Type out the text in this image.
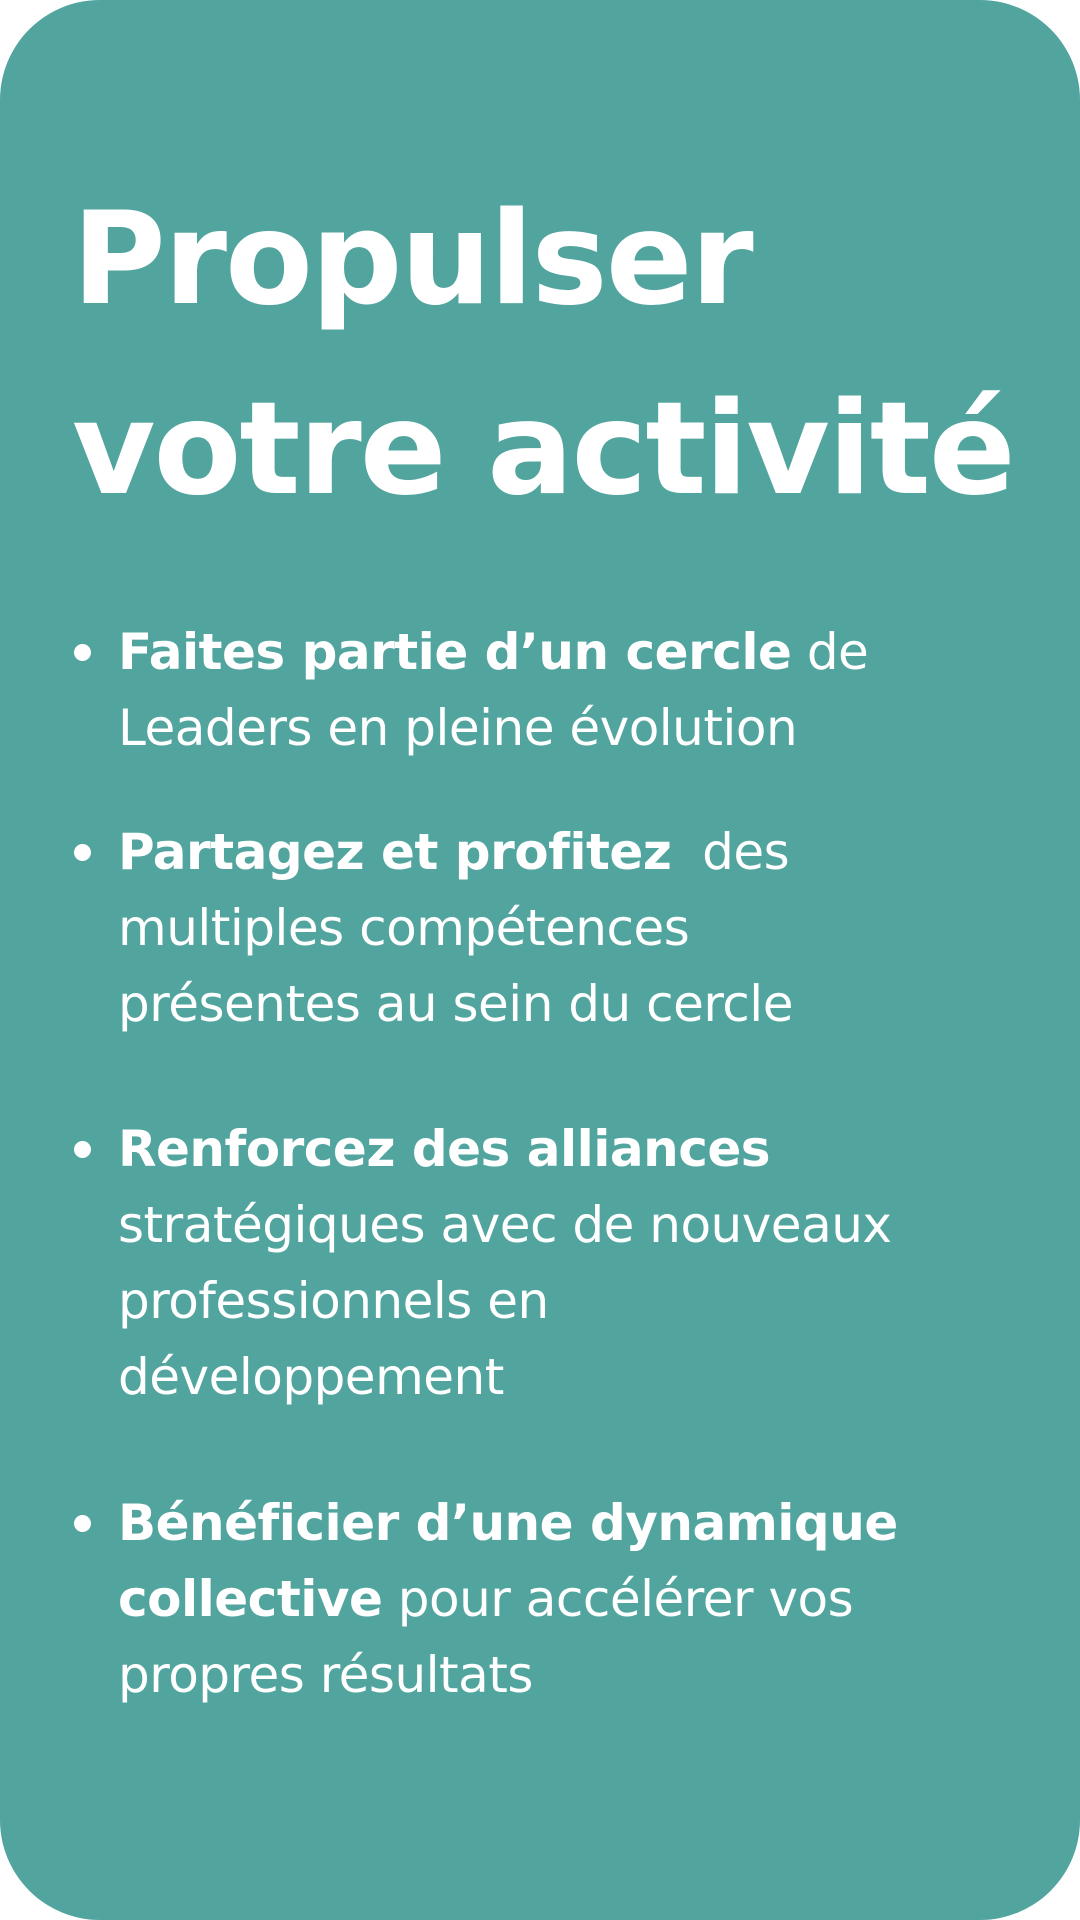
Propulser
votre activité
Faites partie d’un cercle de
Leaders en pleine évolution
Partagez et profitez  des
multiples compétences
présentes au sein du cercle
Renforcez des alliances
stratégiques avec de nouveaux
professionnels en
développement
Bénéficier d’une dynamique
collective pour accélérer vos
propres résultats
